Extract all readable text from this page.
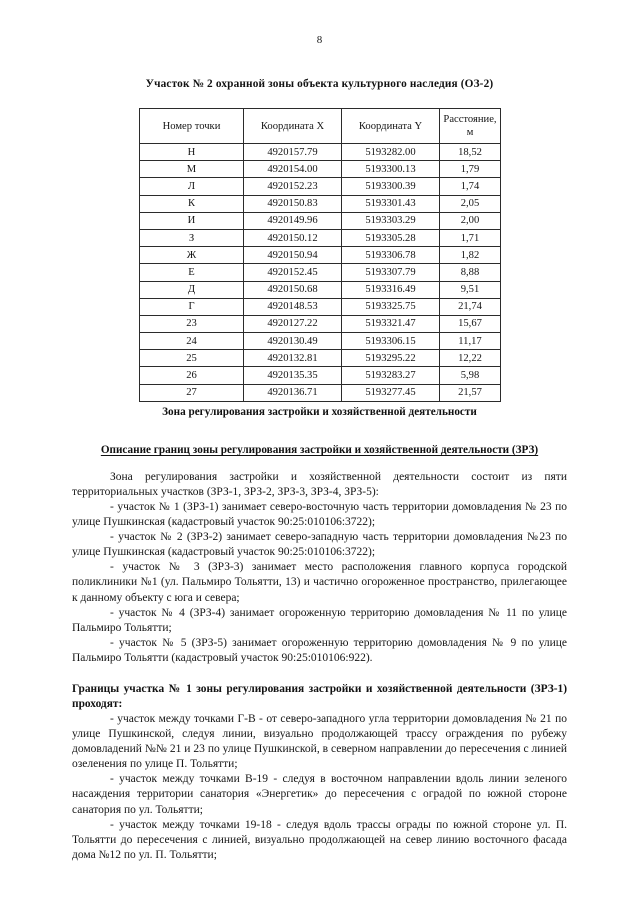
8
Участок № 2 охранной зоны объекта культурного наследия (ОЗ-2)
Номер точки	Координата X	Координата Y	Расстояние,
м

Н	4920157.79	5193282.00	18,52
М	4920154.00	5193300.13	1,79
Л	4920152.23	5193300.39	1,74
К	4920150.83	5193301.43	2,05
И	4920149.96	5193303.29	2,00
З	4920150.12	5193305.28	1,71
Ж	4920150.94	5193306.78	1,82
Е	4920152.45	5193307.79	8,88
Д	4920150.68	5193316.49	9,51
Г	4920148.53	5193325.75	21,74
23	4920127.22	5193321.47	15,67
24	4920130.49	5193306.15	11,17
25	4920132.81	5193295.22	12,22
26	4920135.35	5193283.27	5,98
27	4920136.71	5193277.45	21,57
Зона регулирования застройки и хозяйственной деятельности
Описание границ зоны регулирования застройки и хозяйственной деятельности (ЗРЗ)

Зона регулирования застройки и хозяйственной деятельности состоит из пяти территориальных участков (ЗРЗ-1, ЗРЗ-2, ЗРЗ-3, ЗРЗ-4, ЗРЗ-5):

- участок № 1 (ЗРЗ-1) занимает северо-восточную часть территории домовладения № 23 по улице Пушкинская (кадастровый участок 90:25:010106:3722);

- участок № 2 (ЗРЗ-2) занимает северо-западную часть территории домовладения №23 по улице Пушкинская (кадастровый участок 90:25:010106:3722);

- участок № 3 (ЗРЗ-3) занимает место расположения главного корпуса городской поликлиники №1 (ул. Пальмиро Тольятти, 13) и частично огороженное пространство, прилегающее к данному объекту с юга и севера;

- участок № 4 (ЗРЗ-4) занимает огороженную территорию домовладения № 11 по улице Пальмиро Тольятти;

- участок № 5 (ЗРЗ-5) занимает огороженную территорию домовладения № 9 по улице Пальмиро Тольятти (кадастровый участок 90:25:010106:922).

Границы участка № 1 зоны регулирования застройки и хозяйственной деятельности (ЗРЗ-1) проходят:

- участок между точками Г-В - от северо-западного угла территории домовладения № 21 по улице Пушкинской, следуя линии, визуально продолжающей трассу ограждения по рубежу домовладений №№ 21 и 23 по улице Пушкинской, в северном направлении до пересечения с линией озеленения по улице П. Тольятти;

- участок между точками В-19 - следуя в восточном направлении вдоль линии зеленого насаждения территории санатория «Энергетик» до пересечения с оградой по южной стороне санатория по ул. Тольятти;

- участок между точками 19-18 - следуя вдоль трассы ограды по южной стороне ул. П. Тольятти до пересечения с линией, визуально продолжающей на север линию восточного фасада дома №12 по ул. П. Тольятти;
